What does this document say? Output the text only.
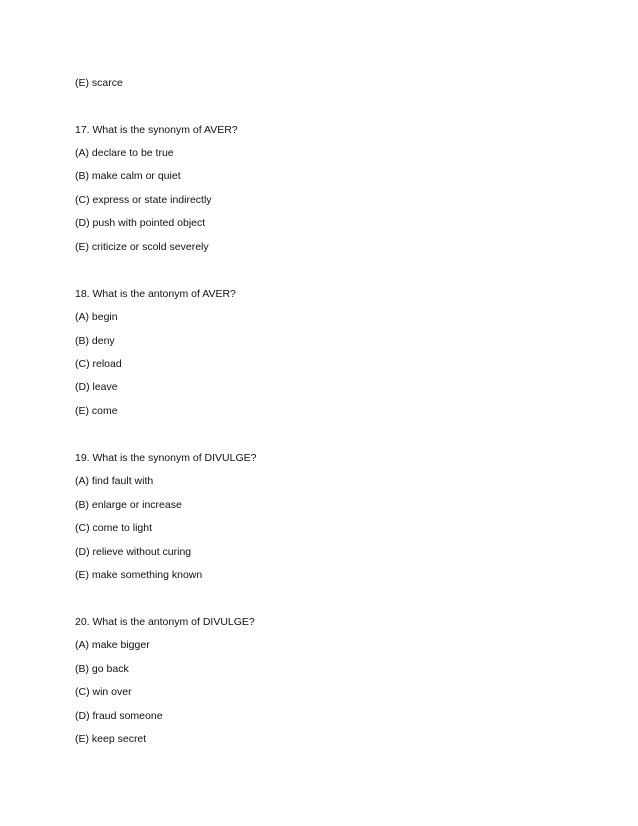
(E) scarce
17. What is the synonym of AVER?
(A) declare to be true
(B) make calm or quiet
(C) express or state indirectly
(D) push with pointed object
(E) criticize or scold severely
18. What is the antonym of AVER?
(A) begin
(B) deny
(C) reload
(D) leave
(E) come
19. What is the synonym of DIVULGE?
(A) find fault with
(B) enlarge or increase
(C) come to light
(D) relieve without curing
(E) make something known
20. What is the antonym of DIVULGE?
(A) make bigger
(B) go back
(C) win over
(D) fraud someone
(E) keep secret
